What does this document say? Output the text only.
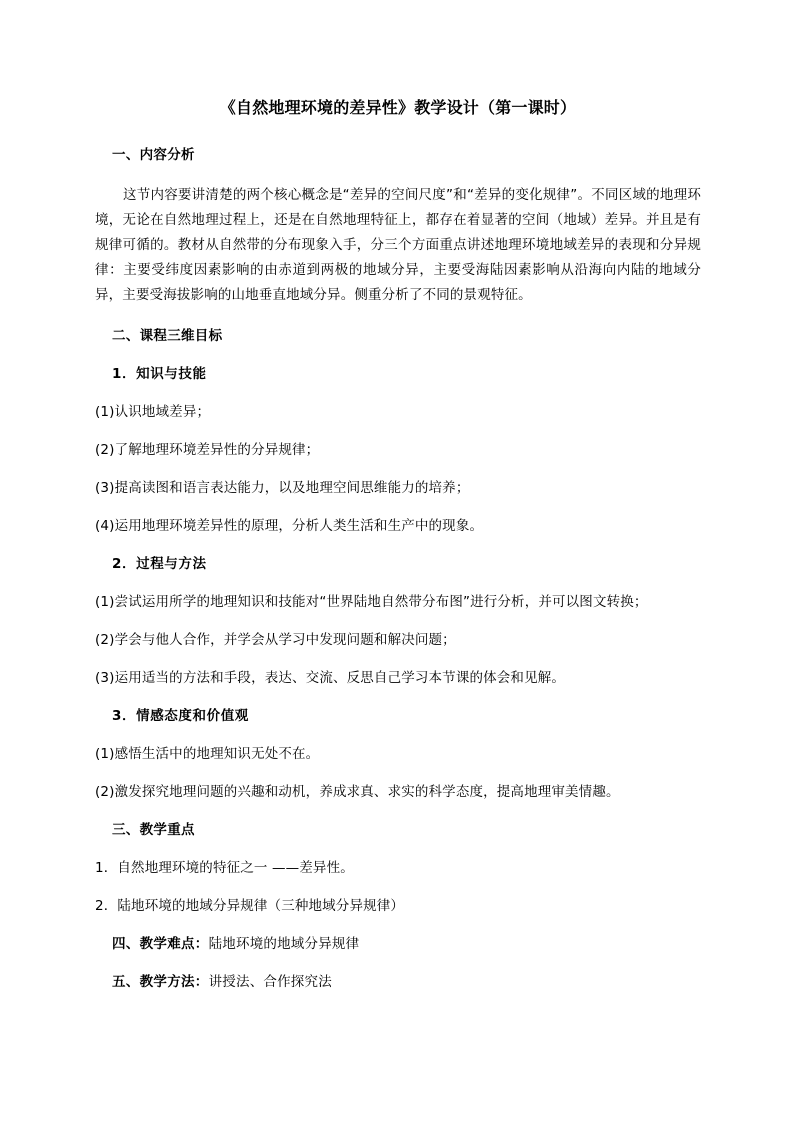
《自然地理环境的差异性》教学设计（第一课时）
一、内容分析

这节内容要讲清楚的两个核心概念是“差异的空间尺度”和“差异的变化规律”。不同区域的地理环境，无论在自然地理过程上，还是在自然地理特征上，都存在着显著的空间（地域）差异。并且是有规律可循的。教材从自然带的分布现象入手，分三个方面重点讲述地理环境地域差异的表现和分异规律：主要受纬度因素影响的由赤道到两极的地域分异，主要受海陆因素影响从沿海向内陆的地域分异，主要受海拔影响的山地垂直地域分异。侧重分析了不同的景观特征。

二、课程三维目标
1．知识与技能

(1)认识地域差异；

(2)了解地理环境差异性的分异规律；

(3)提高读图和语言表达能力，以及地理空间思维能力的培养；

(4)运用地理环境差异性的原理，分析人类生活和生产中的现象。

2．过程与方法

(1)尝试运用所学的地理知识和技能对“世界陆地自然带分布图”进行分析，并可以图文转换；

(2)学会与他人合作，并学会从学习中发现问题和解决问题；

(3)运用适当的方法和手段，表达、交流、反思自己学习本节课的体会和见解。

3．情感态度和价值观

(1)感悟生活中的地理知识无处不在。

(2)激发探究地理问题的兴趣和动机，养成求真、求实的科学态度，提高地理审美情趣。

三、教学重点

1．自然地理环境的特征之一 ——差异性。

2．陆地环境的地域分异规律（三种地域分异规律）

四、教学难点：陆地环境的地域分异规律
五、教学方法：讲授法、合作探究法
